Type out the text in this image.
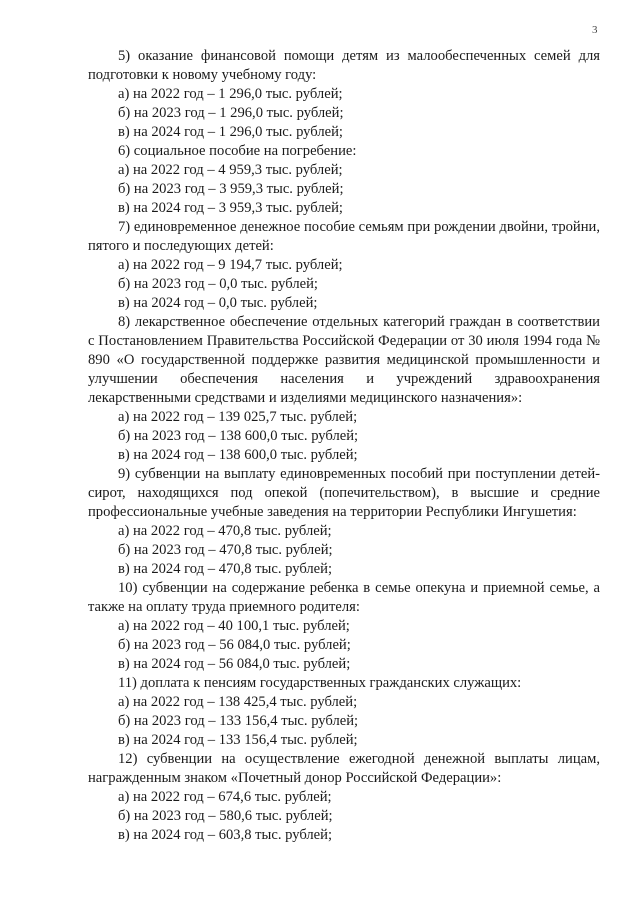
3

5) оказание финансовой помощи детям из малообеспеченных семей для подготовки к новому учебному году:

а) на 2022 год – 1 296,0 тыс. рублей;

б) на 2023 год – 1 296,0 тыс. рублей;

в) на 2024 год – 1 296,0 тыс. рублей;

6) социальное пособие на погребение:

а) на 2022 год – 4 959,3 тыс. рублей;

б) на 2023 год – 3 959,3 тыс. рублей;

в) на 2024 год – 3 959,3 тыс. рублей;

7) единовременное денежное пособие семьям при рождении двойни, тройни, пятого и последующих детей:

а) на 2022 год – 9 194,7 тыс. рублей;

б) на 2023 год – 0,0 тыс. рублей;

в) на 2024 год – 0,0 тыс. рублей;

8) лекарственное обеспечение отдельных категорий граждан в соответствии с Постановлением Правительства Российской Федерации от 30 июля 1994 года № 890 «О государственной поддержке развития медицинской промышленности и улучшении обеспечения населения и учреждений здравоохранения лекарственными средствами и изделиями медицинского назначения»:

а) на 2022 год – 139 025,7 тыс. рублей;

б) на 2023 год – 138 600,0 тыс. рублей;

в) на 2024 год – 138 600,0 тыс. рублей;

9) субвенции на выплату единовременных пособий при поступлении детей-сирот, находящихся под опекой (попечительством), в высшие и средние профессиональные учебные заведения на территории Республики Ингушетия:

а) на 2022 год – 470,8 тыс. рублей;

б) на 2023 год – 470,8 тыс. рублей;

в) на 2024 год – 470,8 тыс. рублей;

10) субвенции на содержание ребенка в семье опекуна и приемной семье, а также на оплату труда приемного родителя:

а) на 2022 год – 40 100,1 тыс. рублей;

б) на 2023 год – 56 084,0 тыс. рублей;

в) на 2024 год – 56 084,0 тыс. рублей;

11) доплата к пенсиям государственных гражданских служащих:

а) на 2022 год – 138 425,4 тыс. рублей;

б) на 2023 год – 133 156,4 тыс. рублей;

в) на 2024 год – 133 156,4 тыс. рублей;

12) субвенции на осуществление ежегодной денежной выплаты лицам, награжденным знаком «Почетный донор Российской Федерации»:

а) на 2022 год – 674,6 тыс. рублей;

б) на 2023 год – 580,6 тыс. рублей;

в) на 2024 год – 603,8 тыс. рублей;
